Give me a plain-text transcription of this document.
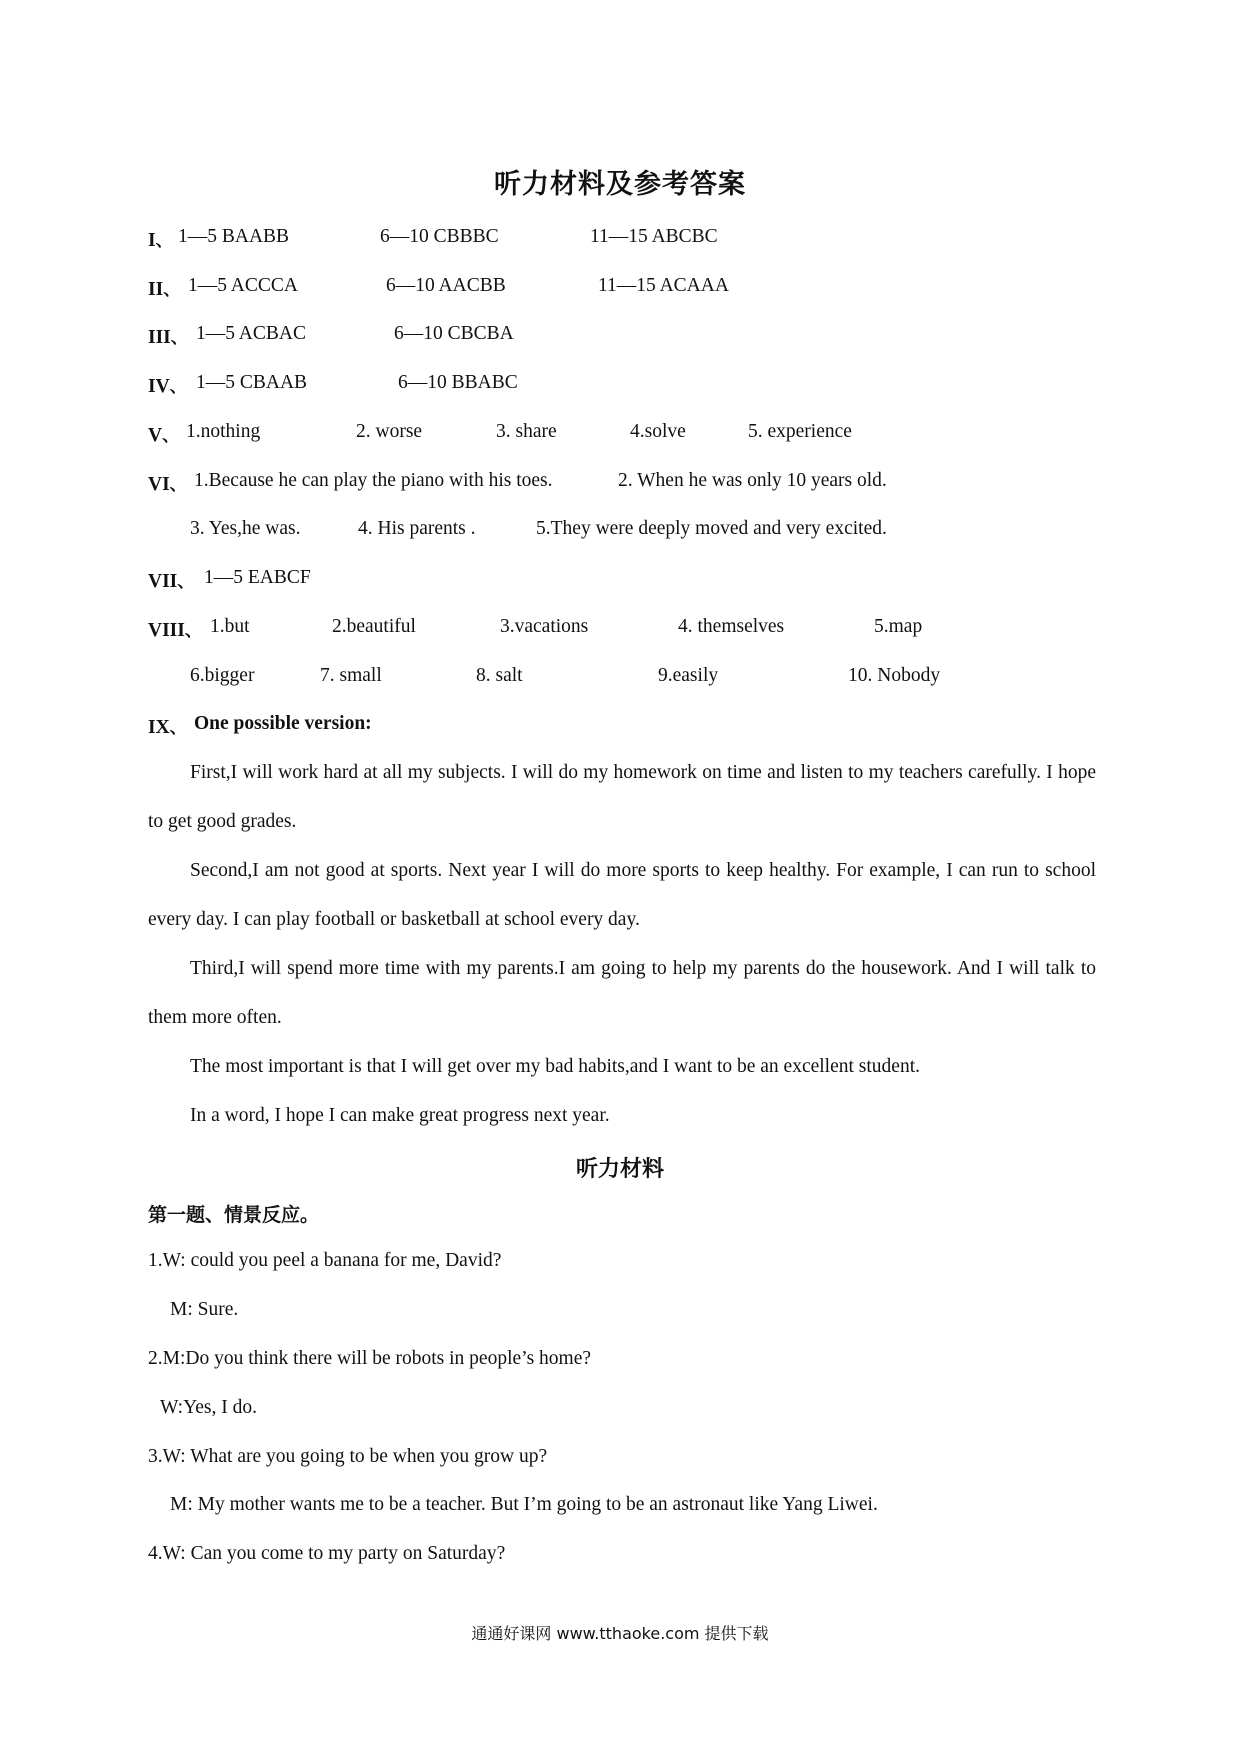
听力材料及参考答案
I、 1—5 BAABB	6—10 CBBBC	11—15 ABCBC
II、 1—5 ACCCA	6—10 AACBB	11—15 ACAAA
III、 1—5 ACBAC	6—10 CBCBA
IV、 1—5 CBAAB	6—10 BBABC
V、 1.nothing	2. worse	3. share	4.solve	5. experience
VI、 1.Because he can play the piano with his toes.	2. When he was only 10 years old.
3. Yes,he was.	4. His parents .	5.They were deeply moved and very excited.
VII、 1—5 EABCF
VIII、 1.but	2.beautiful	3.vacations	4. themselves	5.map
6.bigger	7. small	8. salt	9.easily	10. Nobody
IX、 One possible version:
First,I will work hard at all my subjects. I will do my homework on time and listen to my teachers carefully. I hope to get good grades.
Second,I am not good at sports. Next year I will do more sports to keep healthy. For example, I can run to school every day. I can play football or basketball at school every day.
Third,I will spend more time with my parents.I am going to help my parents do the housework. And I will talk to them more often.
The most important is that I will get over my bad habits,and I want to be an excellent student.
In a word, I hope I can make great progress next year.
听力材料
第一题、情景反应。
1.W: could you peel a banana for me, David?
M: Sure.
2.M:Do you think there will be robots in people’s home?
W:Yes, I do.
3.W: What are you going to be when you grow up?
M: My mother wants me to be a teacher. But I’m going to be an astronaut like Yang Liwei.
4.W: Can you come to my party on Saturday?
通通好课网 www.tthaoke.com 提供下载
